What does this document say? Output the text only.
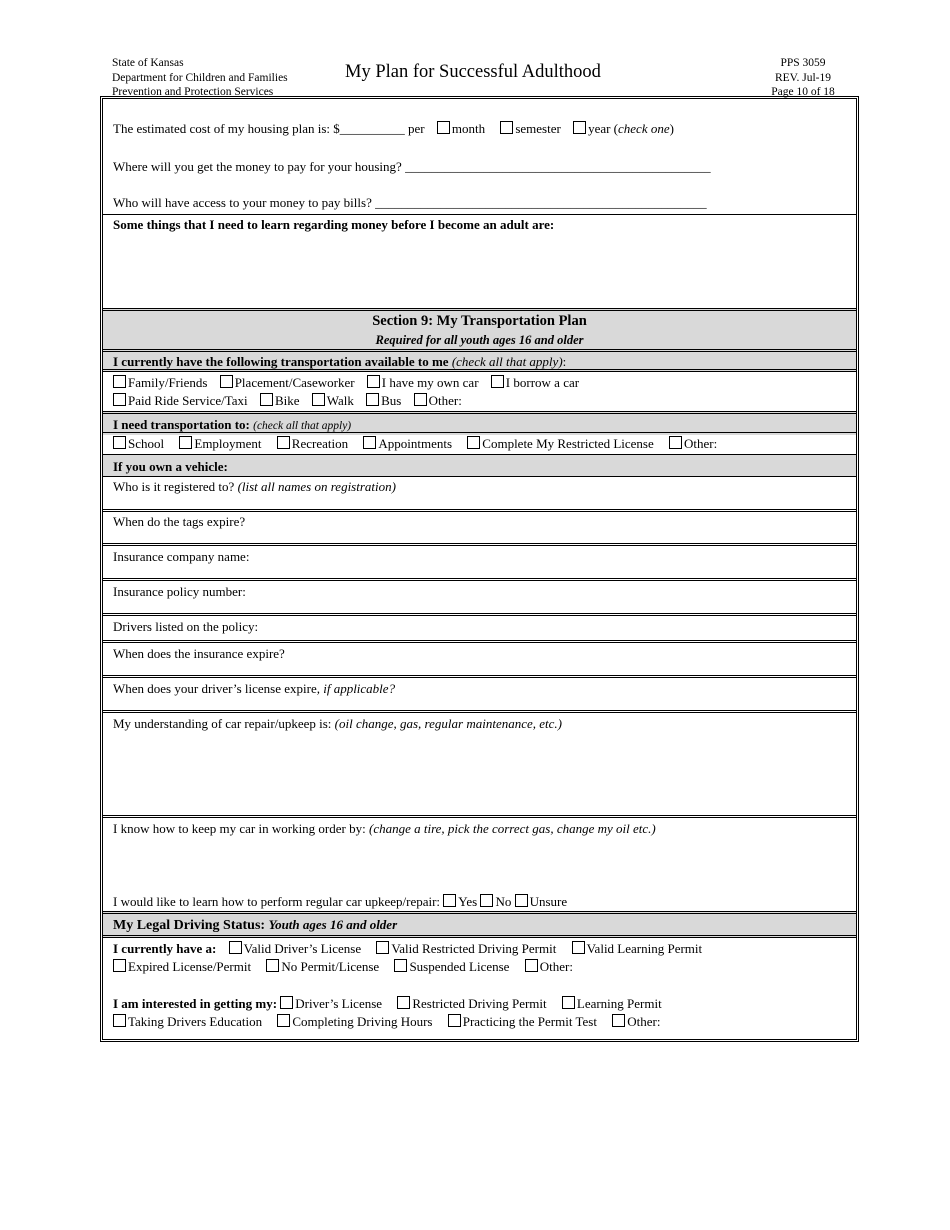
State of Kansas
Department for Children and Families
Prevention and Protection Services
My Plan for Successful Adulthood	PPS 3059
REV. Jul-19
Page 10 of 18
The estimated cost of my housing plan is: $__________ per month semester year (check one)
Where will you get the money to pay for your housing? _______________________________________________
Who will have access to your money to pay bills? ___________________________________________________
Some things that I need to learn regarding money before I become an adult are:
Section 9: My Transportation Plan
Required for all youth ages 16 and older
I currently have the following transportation available to me (check all that apply):
Family/Friends Placement/Caseworker I have my own car I borrow a car
Paid Ride Service/Taxi Bike Walk Bus Other:
I need transportation to: (check all that apply)
School Employment Recreation Appointments Complete My Restricted License Other:
If you own a vehicle:
Who is it registered to? (list all names on registration)
When do the tags expire?
Insurance company name:
Insurance policy number:
Drivers listed on the policy:
When does the insurance expire?
When does your driver’s license expire, if applicable?
My understanding of car repair/upkeep is: (oil change, gas, regular maintenance, etc.)
I know how to keep my car in working order by: (change a tire, pick the correct gas, change my oil etc.)
I would like to learn how to perform regular car upkeep/repair: Yes No Unsure
My Legal Driving Status: Youth ages 16 and older
I currently have a: Valid Driver’s License Valid Restricted Driving Permit Valid Learning Permit
Expired License/Permit No Permit/License Suspended License Other:
I am interested in getting my: Driver’s License Restricted Driving Permit Learning Permit
Taking Drivers Education Completing Driving Hours Practicing the Permit Test Other:
